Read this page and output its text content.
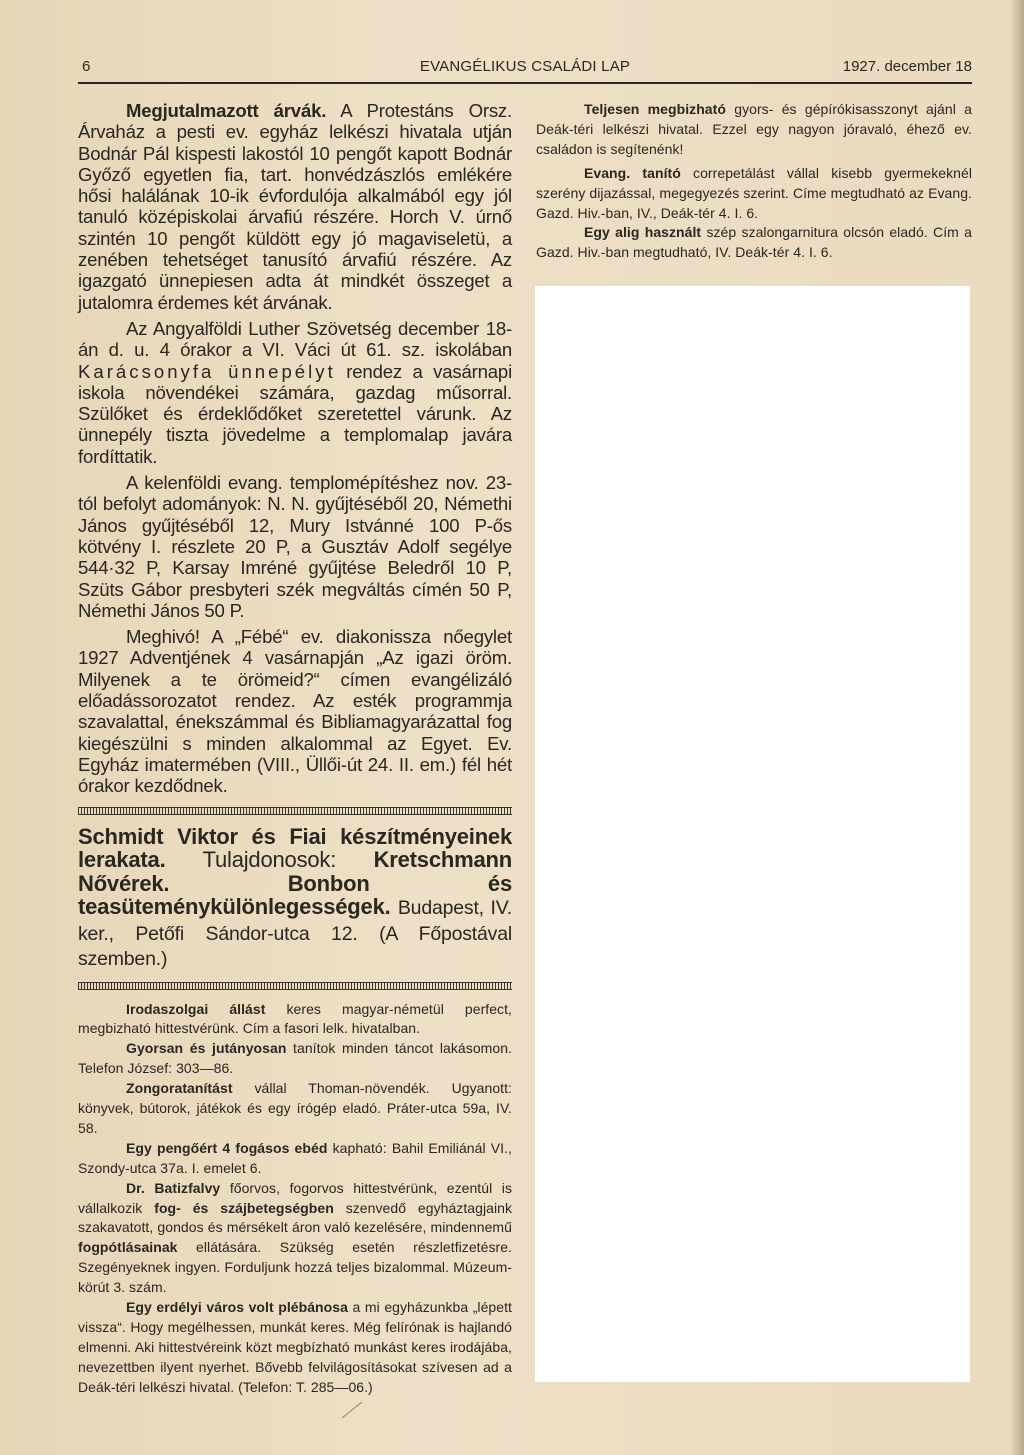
6	EVANGÉLIKUS CSALÁDI LAP	1927. december 18

Megjutalmazott árvák. A Protestáns Orsz. Árvaház a pesti ev. egyház lelkészi hivatala utján Bodnár Pál kispesti lakostól 10 pengőt kapott Bodnár Győző egyetlen fia, tart. honvédzászlós emlékére hősi halálának 10-ik évfordulója alkalmából egy jól tanuló középiskolai árvafiú részére. Horch V. úrnő szintén 10 pengőt küldött egy jó magaviseletü, a zenében tehetséget tanusító árvafiú részére. Az igazgató ünnepiesen adta át mindkét összeget a jutalomra érdemes két árvának.

Az Angyalföldi Luther Szövetség december 18-án d. u. 4 órakor a VI. Váci út 61. sz. iskolában Karácsonyfa ünnepélyt rendez a vasárnapi iskola növendékei számára, gazdag műsorral. Szülőket és érdeklődőket szeretettel várunk. Az ünnepély tiszta jövedelme a templomalap javára fordíttatik.

A kelenföldi evang. templomépítéshez nov. 23-tól befolyt adományok: N. N. gyűjtéséből 20, Némethi János gyűjtéséből 12, Mury Istvánné 100 P-ős kötvény I. részlete 20 P, a Gusztáv Adolf segélye 544·32 P, Karsay Imréné gyűjtése Beledről 10 P, Szüts Gábor presbyteri szék megváltás címén 50 P, Némethi János 50 P.

Meghivó! A „Fébé“ ev. diakonissza nőegylet 1927 Adventjének 4 vasárnapján „Az igazi öröm. Milyenek a te örömeid?“ címen evangélizáló előadássorozatot rendez. Az esték programmja szavalattal, énekszámmal és Bibliamagyarázattal fog kiegészülni s minden alkalommal az Egyet. Ev. Egyház imatermében (VIII., Üllői-út 24. II. em.) fél hét órakor kezdődnek.

Schmidt Viktor és Fiai készítményeinek lerakata. Tulajdonosok: Kretschmann Nővérek. Bonbon és teasüteménykülönlegességek. Budapest, IV. ker., Petőfi Sándor-utca 12. (A Főpostával szemben.)

Irodaszolgai állást keres magyar-németül perfect, megbizható hittestvérünk. Cím a fasori lelk. hivatalban.

Gyorsan és jutányosan tanítok minden táncot lakásomon. Telefon József: 303—86.

Zongoratanítást vállal Thoman-növendék. Ugyanott: könyvek, bútorok, játékok és egy írógép eladó. Práter-utca 59a, IV. 58.

Egy pengőért 4 fogásos ebéd kapható: Bahil Emiliánál VI., Szondy-utca 37a. I. emelet 6.

Dr. Batizfalvy főorvos, fogorvos hittestvérünk, ezentúl is vállalkozik fog- és szájbetegségben szenvedő egyháztagjaink szakavatott, gondos és mérsékelt áron való kezelésére, mindennemű fogpótlásainak ellátására. Szükség esetén részletfizetésre. Szegényeknek ingyen. Forduljunk hozzá teljes bizalommal. Múzeum-körút 3. szám.

Egy erdélyi város volt plébánosa a mi egyházunkba „lépett vissza“. Hogy megélhessen, munkát keres. Még felírónak is hajlandó elmenni. Aki hittestvéreink közt megbízható munkást keres irodájába, nevezettben ilyent nyerhet. Bővebb felvilágosításokat szívesen ad a Deák-téri lelkészi hivatal. (Telefon: T. 285—06.)

Teljesen megbizható gyors- és gépírókisasszonyt ajánl a Deák-téri lelkészi hivatal. Ezzel egy nagyon jóravaló, éhező ev. családon is segítenénk!

Evang. tanító correpetálást vállal kisebb gyermekeknél szerény dijazással, megegyezés szerint. Címe megtudható az Evang. Gazd. Hiv.-ban, IV., Deák-tér 4. I. 6.

Egy alig használt szép szalongarnitura olcsón eladó. Cím a Gazd. Hiv.-ban megtudható, IV. Deák-tér 4. I. 6.
